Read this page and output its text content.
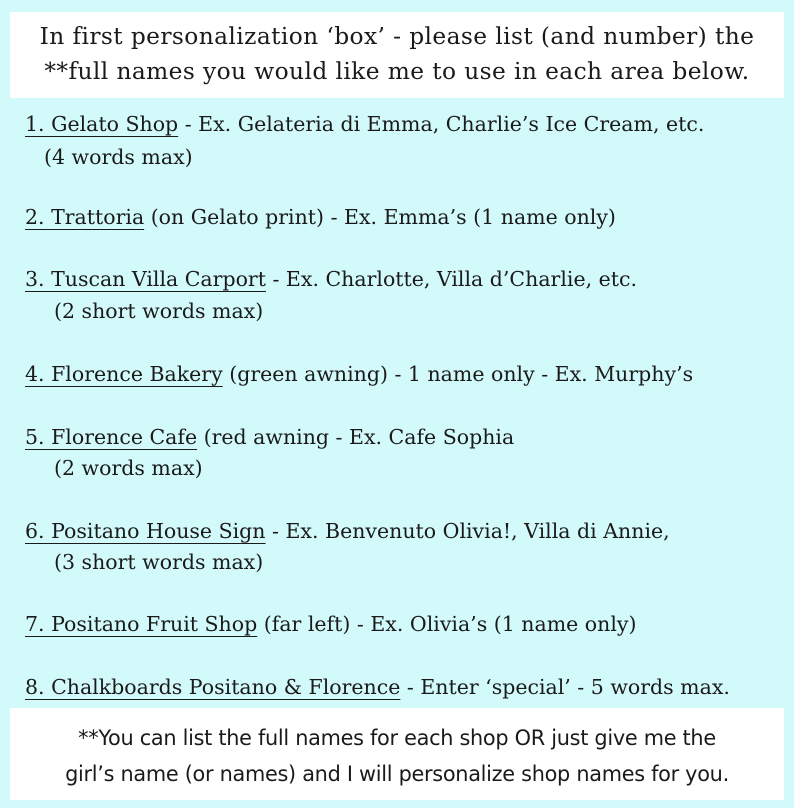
In first personalization ‘box’ - please list (and number) the
**full names you would like me to use in each area below.
1. Gelato Shop - Ex. Gelateria di Emma, Charlie’s Ice Cream, etc.
(4 words max)
2. Trattoria (on Gelato print) - Ex. Emma’s (1 name only)
3. Tuscan Villa Carport - Ex. Charlotte, Villa d’Charlie, etc.
(2 short words max)
4. Florence Bakery (green awning) - 1 name only - Ex. Murphy’s
5. Florence Cafe (red awning - Ex. Cafe Sophia
(2 words max)
6. Positano House Sign - Ex. Benvenuto Olivia!, Villa di Annie,
(3 short words max)
7. Positano Fruit Shop (far left) - Ex. Olivia’s (1 name only)
8. Chalkboards Positano & Florence - Enter ‘special’ - 5 words max.
**You can list the full names for each shop OR just give me the
girl’s name (or names) and I will personalize shop names for you.
